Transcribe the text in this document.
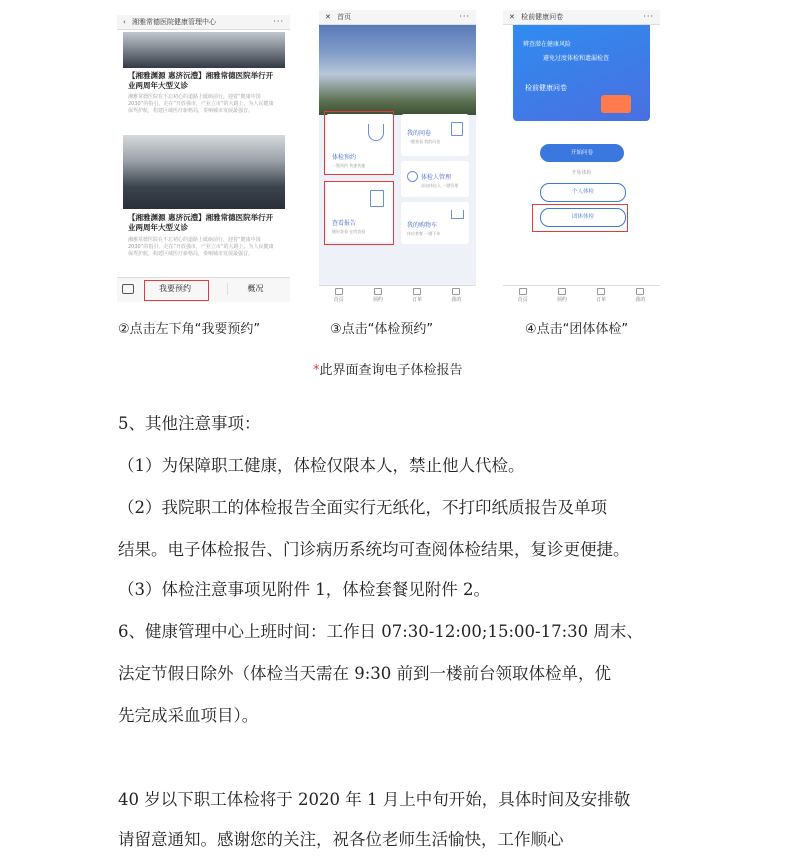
‹ 湘雅常德医院健康管理中心	···
【湘雅渊源 惠济沅澧】湘雅常德医院举行开业两周年大型义诊
湘雅常德医院在不忘初心的道路上砥砺前行，迎着“健康中国2030”的指引，走在“开放强市，产业立市”的大路上，为人民健康保驾护航，构建区域医疗新格局，奏响城市发展最强音。
【湘雅渊源 惠济沅澧】湘雅常德医院举行开业两周年大型义诊
湘雅常德医院在不忘初心的道路上砥砺前行，迎着“健康中国2030”的指引，走在“开放强市，产业立市”的大路上，为人民健康保驾护航，构建区域医疗新格局，奏响城市发展最强音。
我要预约	概况
✕ 首页	···
体检预约
一键预约 快速快捷
我的问卷
一键查看 我的问卷
体检人管理
添加体检人 一键管理
查看报告
随时查看 在线查看
我的购物车
体检套餐 一键下单
首页	预约	订单	我的
✕ 检前健康问卷	···
辨查潜在健康风险
避免过度体检和遗漏检查
检前健康问卷
开始问卷
开始体检
个人体检
团体体检
首页	预约	订单	我的
②点击左下角“我要预约”	③点击“体检预约”	④点击“团体体检”
*此界面查询电子体检报告
5、其他注意事项：
（1）为保障职工健康，体检仅限本人，禁止他人代检。
（2）我院职工的体检报告全面实行无纸化，不打印纸质报告及单项
结果。电子体检报告、门诊病历系统均可查阅体检结果，复诊更便捷。
（3）体检注意事项见附件 1，体检套餐见附件 2。
6、健康管理中心上班时间：工作日 07:30-12:00;15:00-17:30 周末、
法定节假日除外（体检当天需在 9:30 前到一楼前台领取体检单，优
先完成采血项目）。
40 岁以下职工体检将于 2020 年 1 月上中旬开始，具体时间及安排敬
请留意通知。感谢您的关注，祝各位老师生活愉快，工作顺心
